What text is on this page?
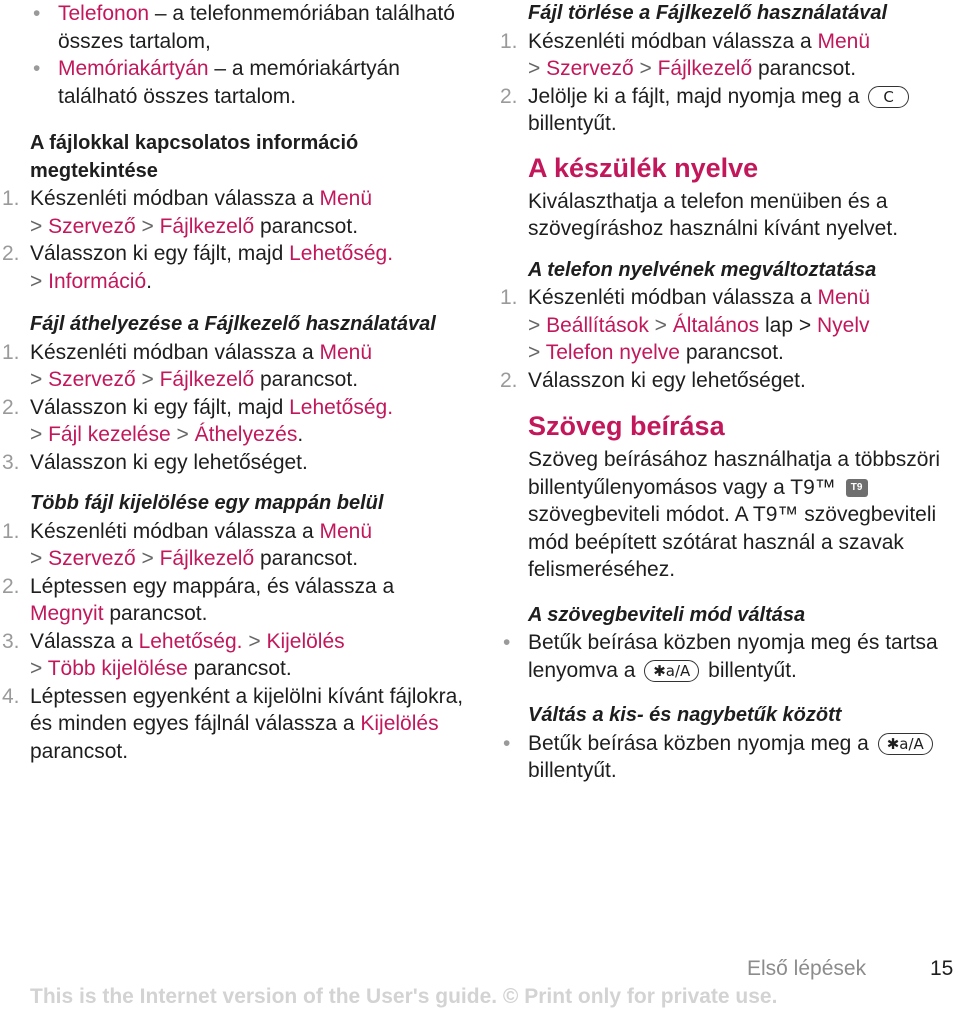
• Telefonon – a telefonmemóriában található összes tartalom,
• Memóriakártyán – a memóriakártyán található összes tartalom.

A fájlokkal kapcsolatos információ megtekintése

1. Készenléti módban válassza a Menü
> Szervező > Fájlkezelő parancsot.
2. Válasszon ki egy fájlt, majd Lehetőség.
> Információ.

Fájl áthelyezése a Fájlkezelő használatával

1. Készenléti módban válassza a Menü
> Szervező > Fájlkezelő parancsot.
2. Válasszon ki egy fájlt, majd Lehetőség.
> Fájl kezelése > Áthelyezés.
3. Válasszon ki egy lehetőséget.

Több fájl kijelölése egy mappán belül

1. Készenléti módban válassza a Menü
> Szervező > Fájlkezelő parancsot.
2. Léptessen egy mappára, és válassza a Megnyit parancsot.
3. Válassza a Lehetőség. > Kijelölés
> Több kijelölése parancsot.
4. Léptessen egyenként a kijelölni kívánt fájlokra, és minden egyes fájlnál válassza a Kijelölés parancsot.

Fájl törlése a Fájlkezelő használatával

1. Készenléti módban válassza a Menü
> Szervező > Fájlkezelő parancsot.
2. Jelölje ki a fájlt, majd nyomja meg a C billentyűt.

A készülék nyelve

Kiválaszthatja a telefon menüiben és a szövegíráshoz használni kívánt nyelvet.

A telefon nyelvének megváltoztatása

1. Készenléti módban válassza a Menü
> Beállítások > Általános lap > Nyelv
> Telefon nyelve parancsot.
2. Válasszon ki egy lehetőséget.

Szöveg beírása

Szöveg beírásához használhatja a többszöri billentyűlenyomásos vagy a T9™ T9 szövegbeviteli módot. A T9™ szövegbeviteli mód beépített szótárat használ a szavak felismeréséhez.

A szövegbeviteli mód váltása

• Betűk beírása közben nyomja meg és tartsa lenyomva a ✱a/A billentyűt.

Váltás a kis- és nagybetűk között

• Betűk beírása közben nyomja meg a ✱a/A billentyűt.
Első lépések	15
This is the Internet version of the User's guide. © Print only for private use.
